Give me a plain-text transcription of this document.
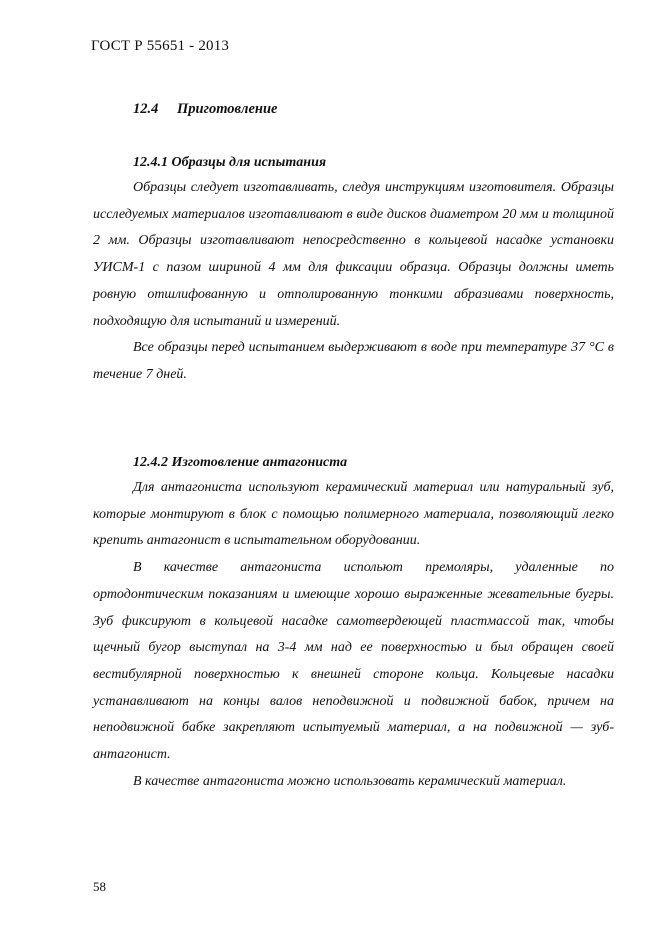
ГОСТ Р 55651 - 2013
12.4 Приготовление
12.4.1 Образцы для испытания

Образцы следует изготавливать, следуя инструкциям изготовителя. Образцы исследуемых материалов изготавливают в виде дисков диаметром 20 мм и толщиной 2 мм. Образцы изготавливают непосредственно в кольцевой насадке установки УИСМ-1 с пазом шириной 4 мм для фиксации образца. Образцы должны иметь ровную отшлифованную и отполированную тонкими абразивами поверхность, подходящую для испытаний и измерений.

Все образцы перед испытанием выдерживают в воде при температуре 37 °С в течение 7 дней.

12.4.2 Изготовление антагониста

Для антагониста используют керамический материал или натуральный зуб, которые монтируют в блок с помощью полимерного материала, позволяющий легко крепить антагонист в испытательном оборудовании.

В качестве антагониста испольют премоляры, удаленные по ортодонтическим показаниям и имеющие хорошо выраженные жевательные бугры. Зуб фиксируют в кольцевой насадке самотвердеющей пластмассой так, чтобы щечный бугор выступал на 3-4 мм над ее поверхностью и был обращен своей вестибулярной поверхностью к внешней стороне кольца. Кольцевые насадки устанавливают на концы валов неподвижной и подвижной бабок, причем на неподвижной бабке закрепляют испытуемый материал, а на подвижной — зуб-антагонист.

В качестве антагониста можно использовать керамический материал.

58
